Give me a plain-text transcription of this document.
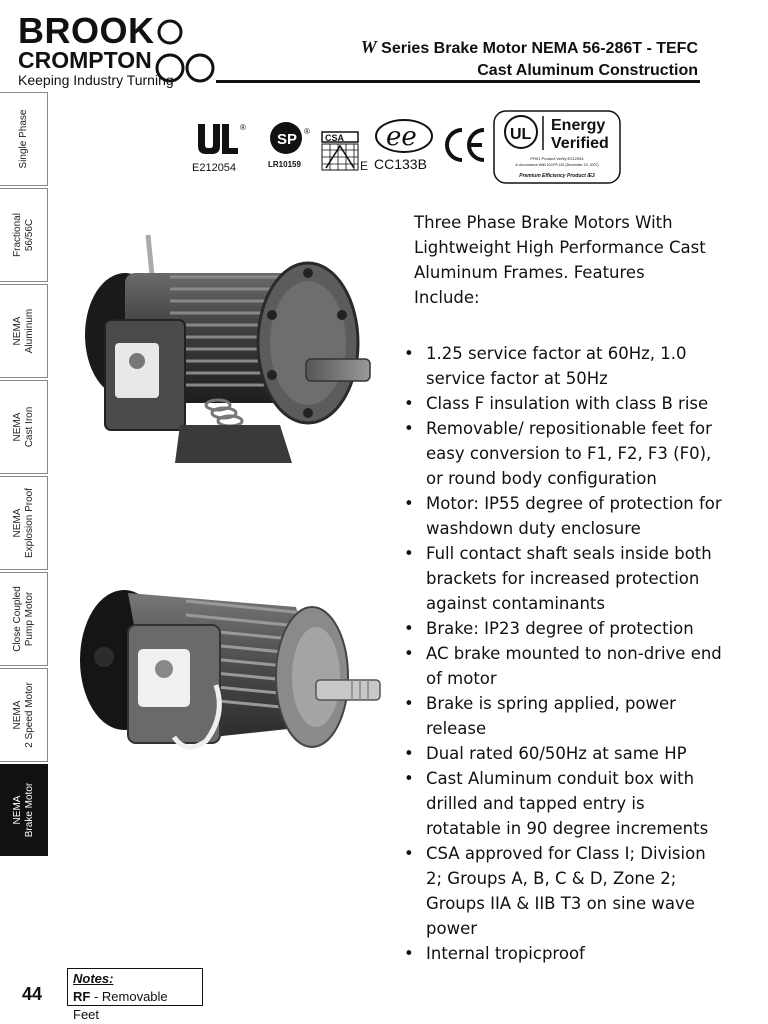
BROOK
CROMPTON
Keeping Industry Turning
W Series Brake Motor NEMA 56-286T - TEFC
Cast Aluminum Construction
®
E212054
SP ®
LR10159
CSA
E
ee
CC133B
UL
Energy
Verified
PR01 Product Verify E212054
In Accordance With 10CFR 431 (December 19, 2007)
Premium Efficiency Product IE3
Single Phase
Fractional 56/56C
NEMA Aluminum
NEMA Cast Iron
NEMA Explosion Proof
Close Coupled Pump Motor
NEMA 2 Speed Motor
NEMA Brake Motor
Three Phase Brake Motors With Lightweight High Performance Cast Aluminum Frames. Features Include:
• 1.25 service factor at 60Hz, 1.0 service factor at 50Hz
• Class F insulation with class B rise
• Removable/ repositionable feet for easy conversion to F1, F2, F3 (F0), or round body configuration
• Motor: IP55 degree of protection for washdown duty enclosure
• Full contact shaft seals inside both brackets for increased protection against contaminants
• Brake: IP23 degree of protection
• AC brake mounted to non-drive end of motor
• Brake is spring applied, power release
• Dual rated 60/50Hz at same HP
• Cast Aluminum conduit box with drilled and tapped entry is rotatable in 90 degree increments
• CSA approved for Class I; Division 2; Groups A, B, C & D, Zone 2; Groups IIA & IIB T3 on sine wave power
• Internal tropicproof
44
Notes:
RF - Removable Feet
